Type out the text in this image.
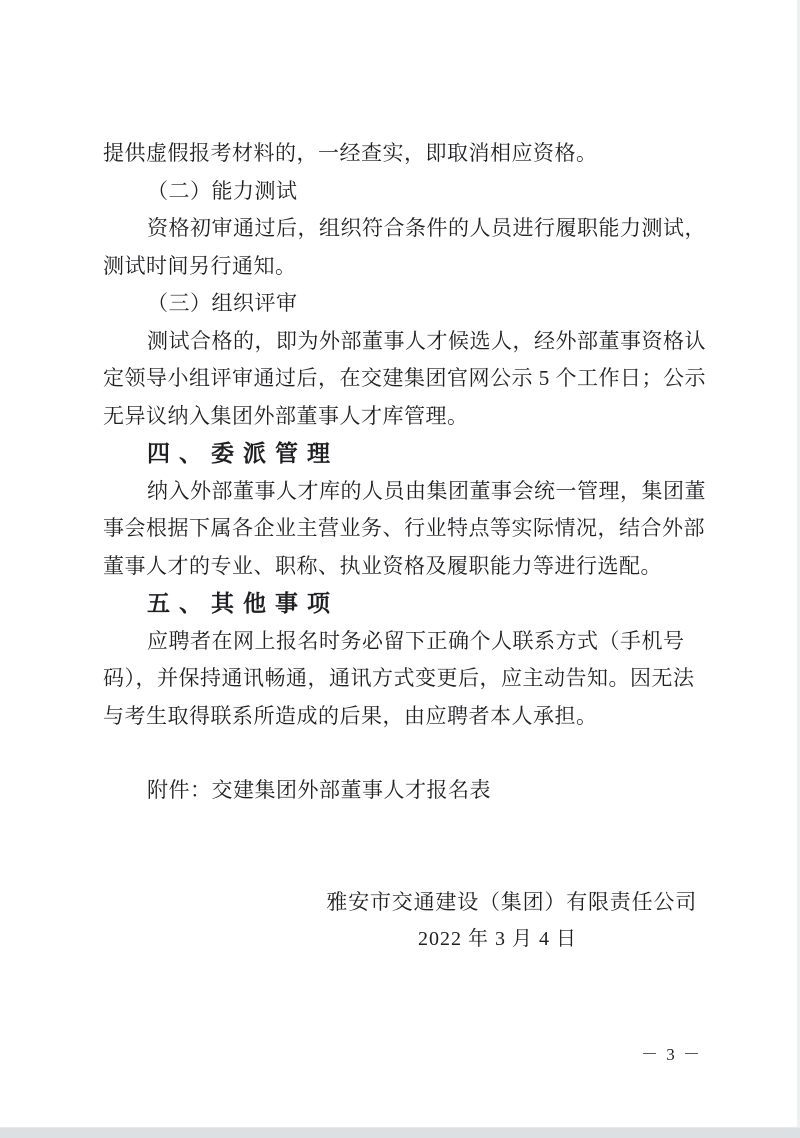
提供虚假报考材料的，一经查实，即取消相应资格。
（二）能力测试
资格初审通过后，组织符合条件的人员进行履职能力测试，
测试时间另行通知。
（三）组织评审
测试合格的，即为外部董事人才候选人，经外部董事资格认
定领导小组评审通过后，在交建集团官网公示 5 个工作日；公示
无异议纳入集团外部董事人才库管理。
四、委派管理
纳入外部董事人才库的人员由集团董事会统一管理，集团董
事会根据下属各企业主营业务、行业特点等实际情况，结合外部
董事人才的专业、职称、执业资格及履职能力等进行选配。
五、其他事项
应聘者在网上报名时务必留下正确个人联系方式（手机号
码），并保持通讯畅通，通讯方式变更后，应主动告知。因无法
与考生取得联系所造成的后果，由应聘者本人承担。
附件：交建集团外部董事人才报名表
雅安市交通建设（集团）有限责任公司
2022 年 3 月 4 日
－ 3 －
